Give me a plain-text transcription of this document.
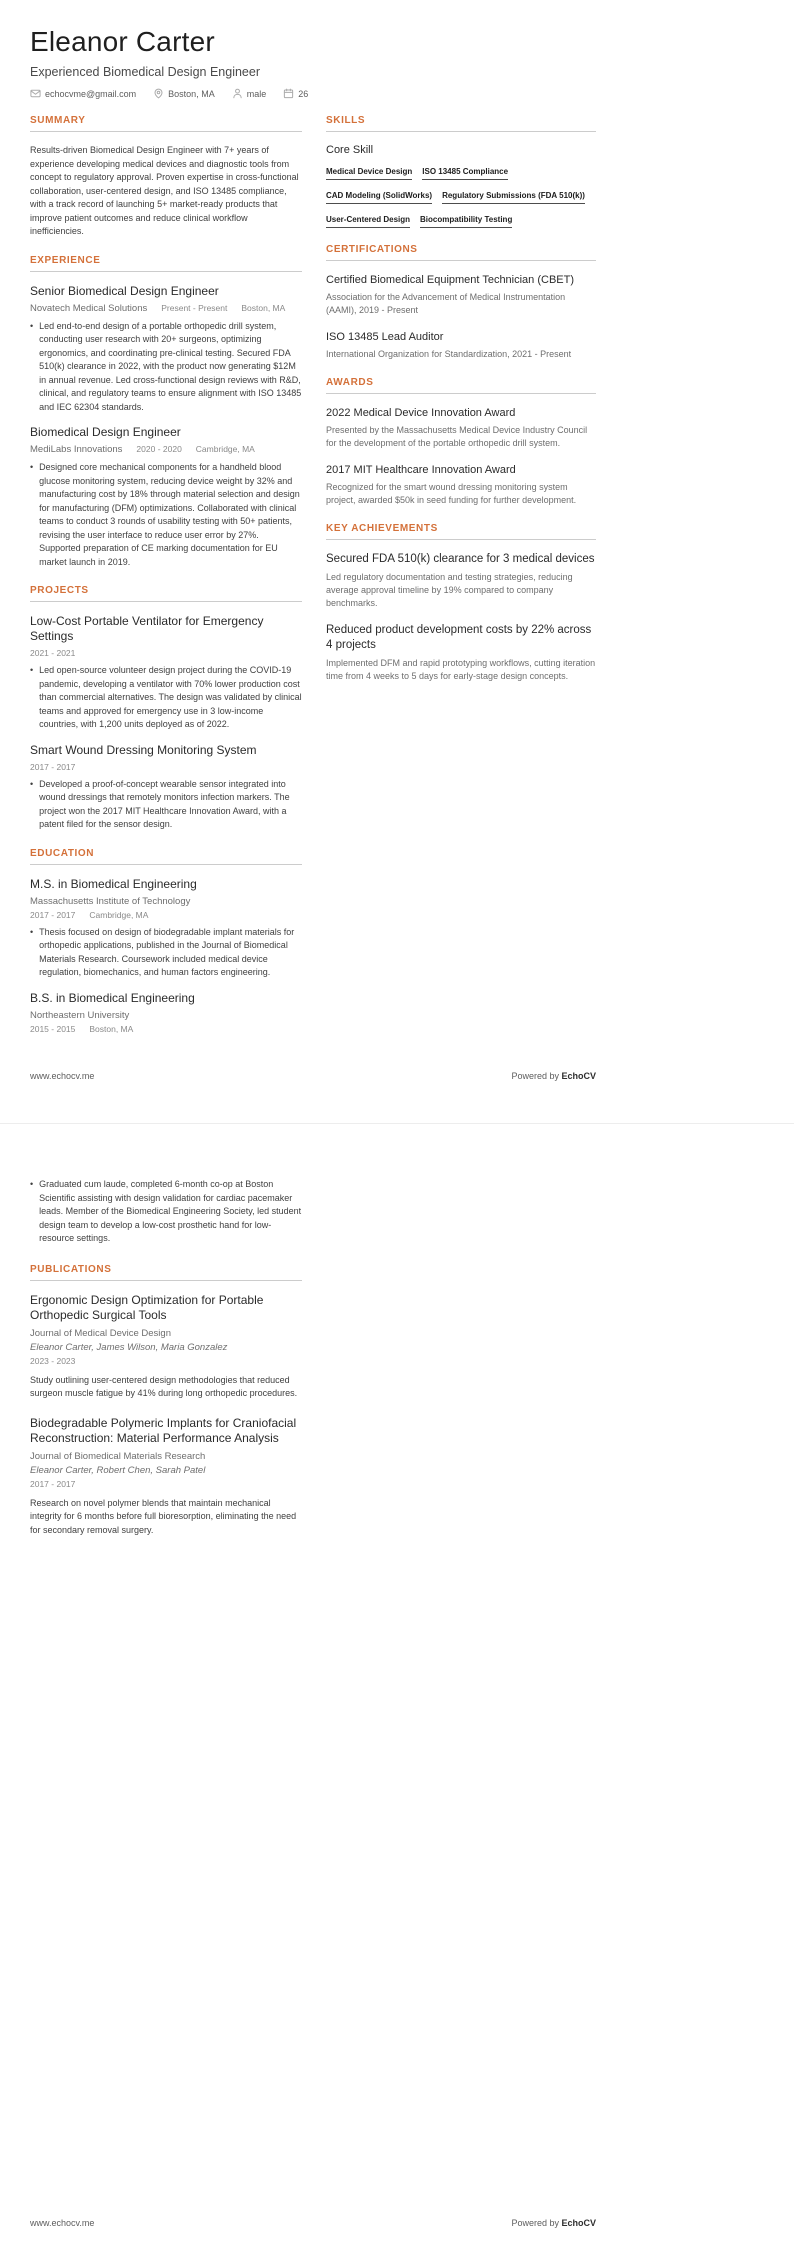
Eleanor Carter
Experienced Biomedical Design Engineer
echocvme@gmail.com	Boston, MA	male	26
SUMMARY

Results-driven Biomedical Design Engineer with 7+ years of experience developing medical devices and diagnostic tools from concept to regulatory approval. Proven expertise in cross-functional collaboration, user-centered design, and ISO 13485 compliance, with a track record of launching 5+ market-ready products that improve patient outcomes and reduce clinical workflow inefficiencies.

EXPERIENCE
Senior Biomedical Design Engineer
Novatech Medical Solutions Present - Present Boston, MA
• Led end-to-end design of a portable orthopedic drill system, conducting user research with 20+ surgeons, optimizing ergonomics, and coordinating pre-clinical testing. Secured FDA 510(k) clearance in 2022, with the product now generating $12M in annual revenue. Led cross-functional design reviews with R&D, clinical, and regulatory teams to ensure alignment with ISO 13485 and IEC 62304 standards.
Biomedical Design Engineer
MediLabs Innovations 2020 - 2020 Cambridge, MA
• Designed core mechanical components for a handheld blood glucose monitoring system, reducing device weight by 32% and manufacturing cost by 18% through material selection and design for manufacturing (DFM) optimizations. Collaborated with clinical teams to conduct 3 rounds of usability testing with 50+ patients, revising the user interface to reduce user error by 27%. Supported preparation of CE marking documentation for EU market launch in 2019.
PROJECTS
Low-Cost Portable Ventilator for Emergency Settings
2021 - 2021
• Led open-source volunteer design project during the COVID-19 pandemic, developing a ventilator with 70% lower production cost than commercial alternatives. The design was validated by clinical teams and approved for emergency use in 3 low-income countries, with 1,200 units deployed as of 2022.
Smart Wound Dressing Monitoring System
2017 - 2017
• Developed a proof-of-concept wearable sensor integrated into wound dressings that remotely monitors infection markers. The project won the 2017 MIT Healthcare Innovation Award, with a patent filed for the sensor design.
EDUCATION
M.S. in Biomedical Engineering
Massachusetts Institute of Technology
2017 - 2017 Cambridge, MA
• Thesis focused on design of biodegradable implant materials for orthopedic applications, published in the Journal of Biomedical Materials Research. Coursework included medical device regulation, biomechanics, and human factors engineering.
B.S. in Biomedical Engineering
Northeastern University
2015 - 2015 Boston, MA
SKILLS
Core Skill
Medical Device Design ISO 13485 Compliance
CAD Modeling (SolidWorks) Regulatory Submissions (FDA 510(k))
User-Centered Design Biocompatibility Testing
CERTIFICATIONS
Certified Biomedical Equipment Technician (CBET)
Association for the Advancement of Medical Instrumentation (AAMI), 2019 - Present
ISO 13485 Lead Auditor
International Organization for Standardization, 2021 - Present
AWARDS
2022 Medical Device Innovation Award
Presented by the Massachusetts Medical Device Industry Council for the development of the portable orthopedic drill system.
2017 MIT Healthcare Innovation Award
Recognized for the smart wound dressing monitoring system project, awarded $50k in seed funding for further development.
KEY ACHIEVEMENTS
Secured FDA 510(k) clearance for 3 medical devices
Led regulatory documentation and testing strategies, reducing average approval timeline by 19% compared to company benchmarks.
Reduced product development costs by 22% across 4 projects
Implemented DFM and rapid prototyping workflows, cutting iteration time from 4 weeks to 5 days for early-stage design concepts.
www.echocv.me	Powered by EchoCV
• Graduated cum laude, completed 6-month co-op at Boston Scientific assisting with design validation for cardiac pacemaker leads. Member of the Biomedical Engineering Society, led student design team to develop a low-cost prosthetic hand for low-resource settings.
PUBLICATIONS
Ergonomic Design Optimization for Portable Orthopedic Surgical Tools
Journal of Medical Device Design
Eleanor Carter, James Wilson, Maria Gonzalez
2023 - 2023
Study outlining user-centered design methodologies that reduced surgeon muscle fatigue by 41% during long orthopedic procedures.
Biodegradable Polymeric Implants for Craniofacial Reconstruction: Material Performance Analysis
Journal of Biomedical Materials Research
Eleanor Carter, Robert Chen, Sarah Patel
2017 - 2017
Research on novel polymer blends that maintain mechanical integrity for 6 months before full bioresorption, eliminating the need for secondary removal surgery.
www.echocv.me	Powered by EchoCV
